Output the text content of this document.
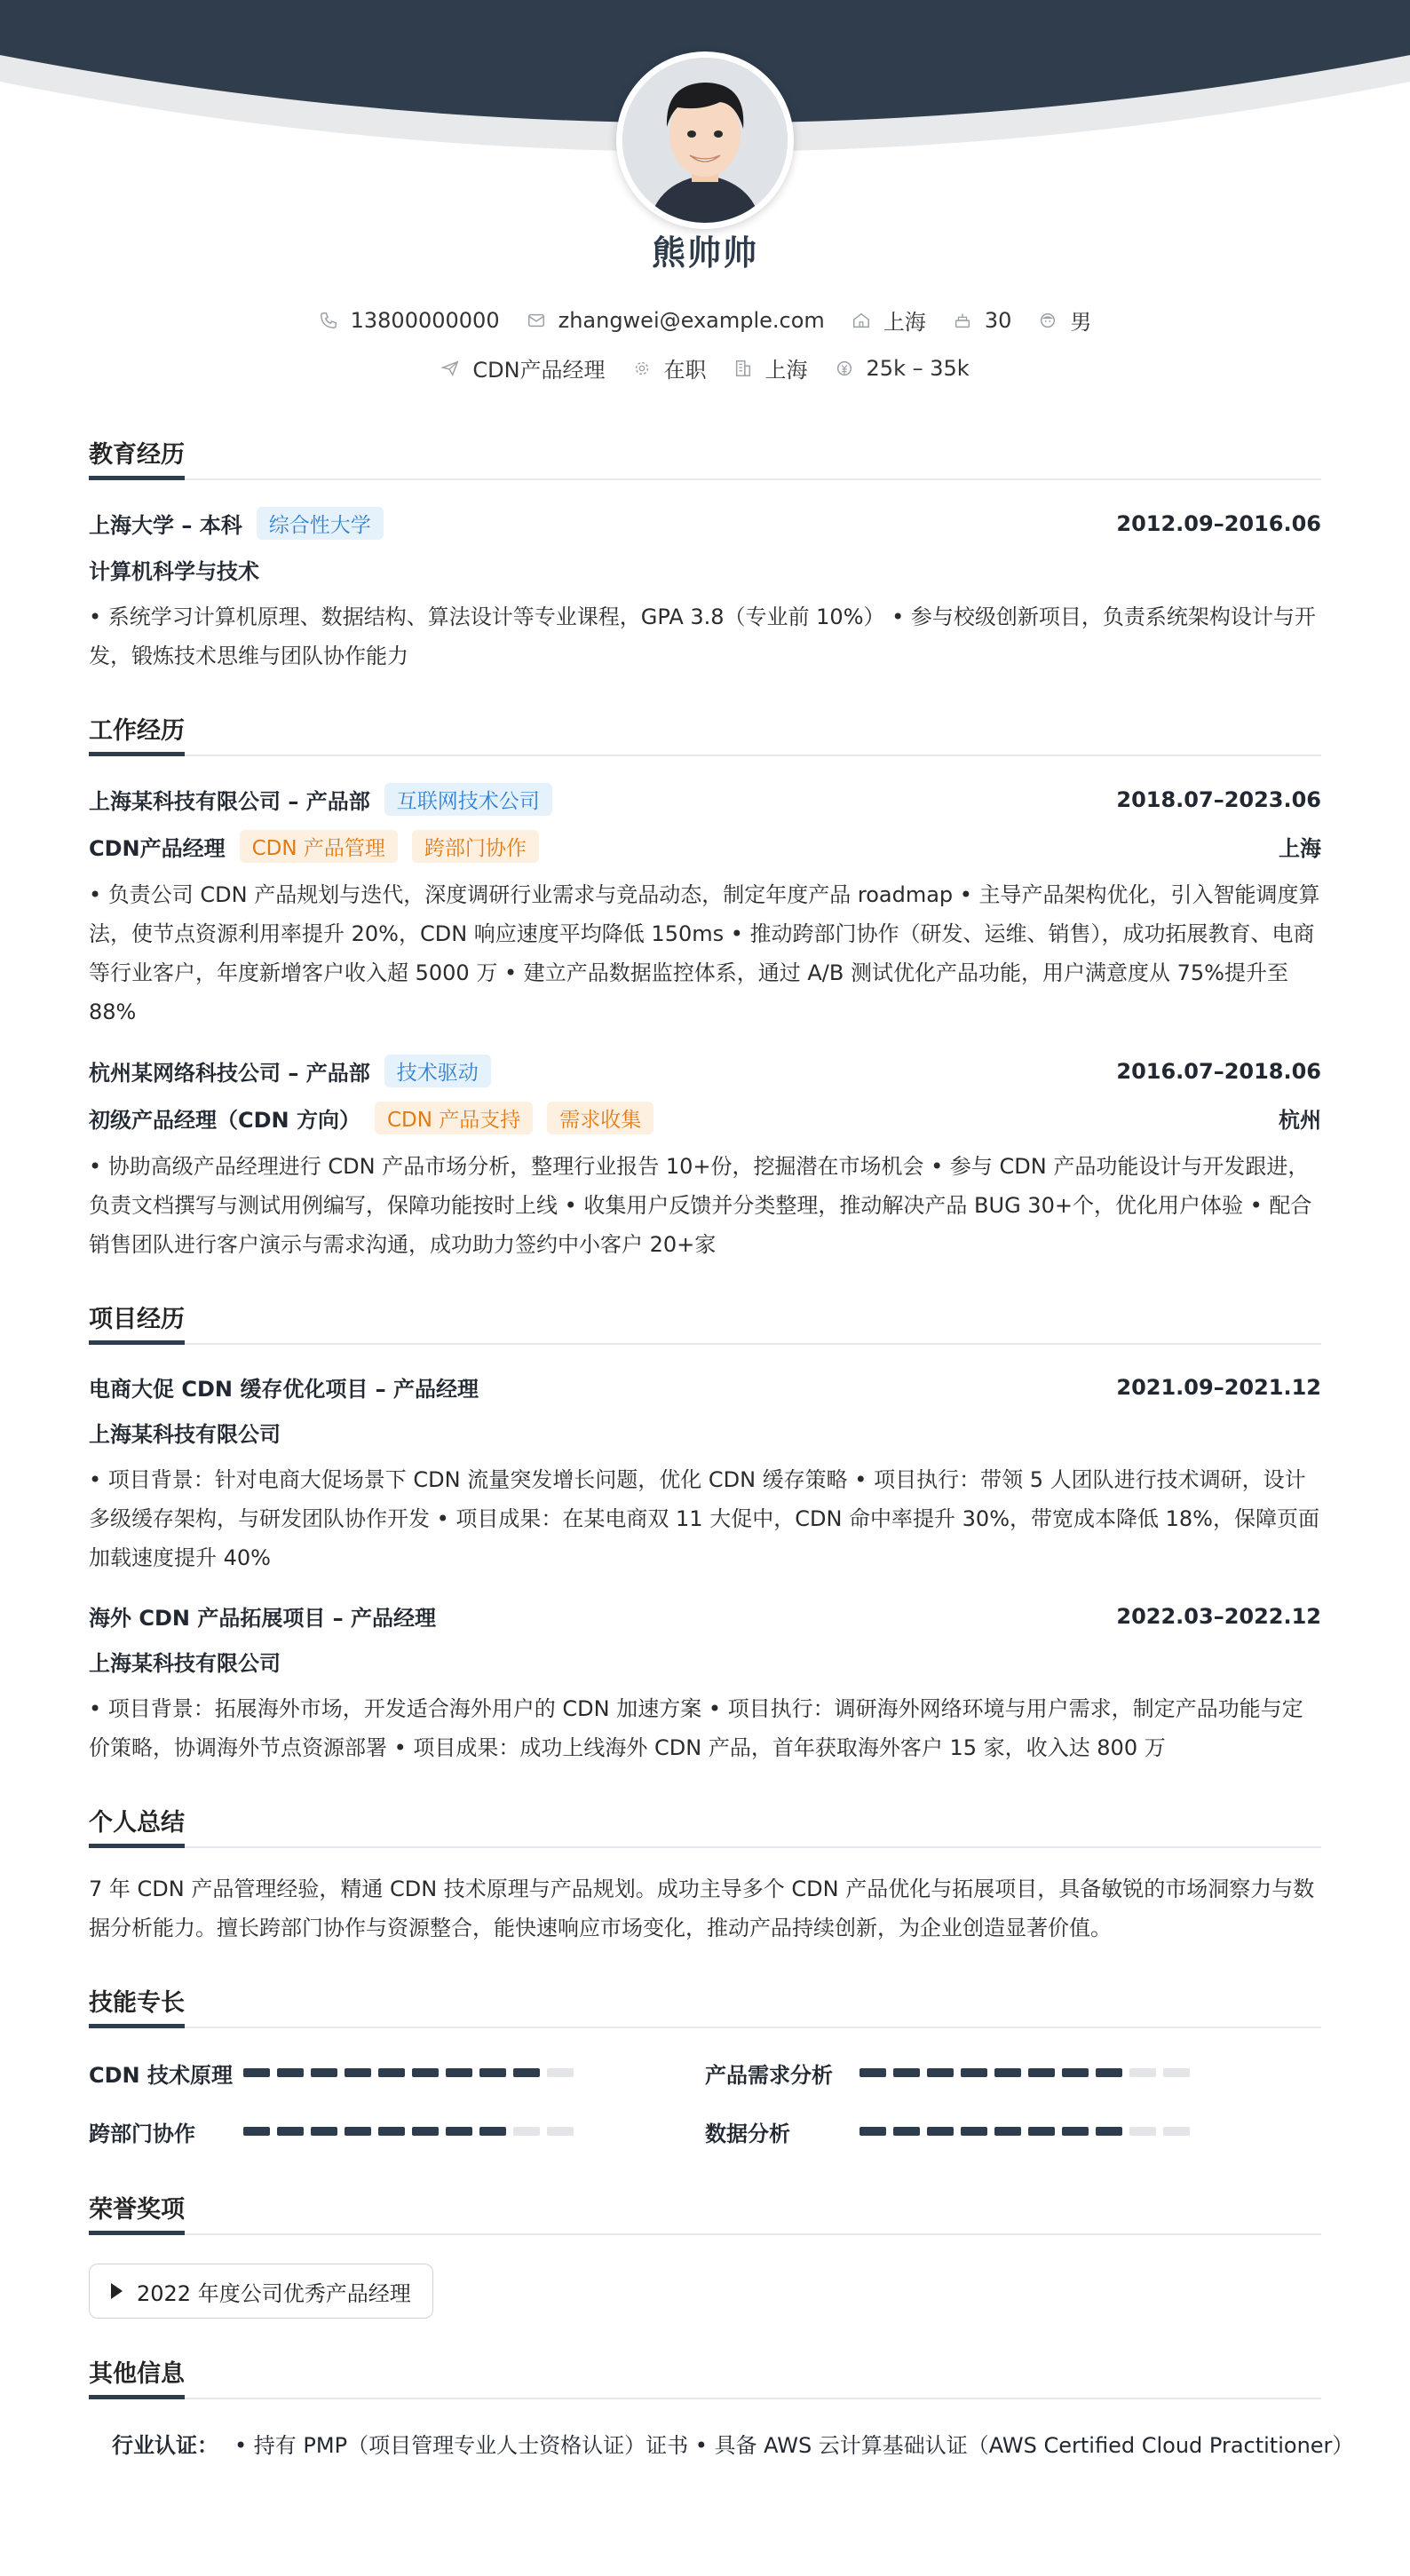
熊帅帅
13800000000	zhangwei@example.com	上海	30	男
CDN产品经理	在职	上海	25k – 35k
教育经历
上海大学 – 本科	综合性大学	2012.09–2016.06
计算机科学与技术
• 系统学习计算机原理、数据结构、算法设计等专业课程，GPA 3.8（专业前 10%） • 参与校级创新项目，负责系统架构设计与开发，锻炼技术思维与团队协作能力
工作经历
上海某科技有限公司 – 产品部	互联网技术公司	2018.07–2023.06
CDN产品经理	CDN 产品管理	跨部门协作	上海
• 负责公司 CDN 产品规划与迭代，深度调研行业需求与竞品动态，制定年度产品 roadmap • 主导产品架构优化，引入智能调度算法，使节点资源利用率提升 20%，CDN 响应速度平均降低 150ms • 推动跨部门协作（研发、运维、销售），成功拓展教育、电商等行业客户，年度新增客户收入超 5000 万 • 建立产品数据监控体系，通过 A/B 测试优化产品功能，用户满意度从 75%提升至 88%
杭州某网络科技公司 – 产品部	技术驱动	2016.07–2018.06
初级产品经理（CDN 方向）	CDN 产品支持	需求收集	杭州
• 协助高级产品经理进行 CDN 产品市场分析，整理行业报告 10+份，挖掘潜在市场机会 • 参与 CDN 产品功能设计与开发跟进，负责文档撰写与测试用例编写，保障功能按时上线 • 收集用户反馈并分类整理，推动解决产品 BUG 30+个，优化用户体验 • 配合销售团队进行客户演示与需求沟通，成功助力签约中小客户 20+家
项目经历
电商大促 CDN 缓存优化项目 – 产品经理	2021.09–2021.12
上海某科技有限公司
• 项目背景：针对电商大促场景下 CDN 流量突发增长问题，优化 CDN 缓存策略 • 项目执行：带领 5 人团队进行技术调研，设计多级缓存架构，与研发团队协作开发 • 项目成果：在某电商双 11 大促中，CDN 命中率提升 30%，带宽成本降低 18%，保障页面加载速度提升 40%
海外 CDN 产品拓展项目 – 产品经理	2022.03–2022.12
上海某科技有限公司
• 项目背景：拓展海外市场，开发适合海外用户的 CDN 加速方案 • 项目执行：调研海外网络环境与用户需求，制定产品功能与定价策略，协调海外节点资源部署 • 项目成果：成功上线海外 CDN 产品，首年获取海外客户 15 家，收入达 800 万
个人总结
7 年 CDN 产品管理经验，精通 CDN 技术原理与产品规划。成功主导多个 CDN 产品优化与拓展项目，具备敏锐的市场洞察力与数据分析能力。擅长跨部门协作与资源整合，能快速响应市场变化，推动产品持续创新，为企业创造显著价值。
技能专长
CDN 技术原理	产品需求分析
跨部门协作	数据分析
荣誉奖项
2022 年度公司优秀产品经理
其他信息
行业认证： • 持有 PMP（项目管理专业人士资格认证）证书 • 具备 AWS 云计算基础认证（AWS Certified Cloud Practitioner）
